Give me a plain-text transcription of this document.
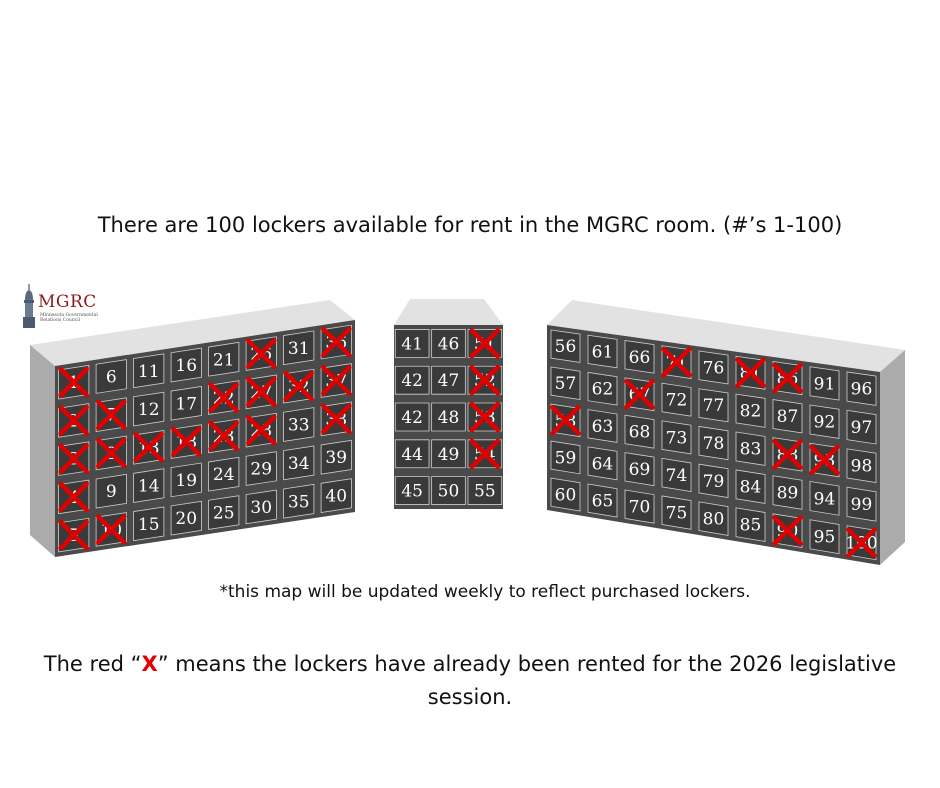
There are 100 lockers available for rent in the MGRC room. (#’s 1-100)
MGRC
Minnesota Governmental Relations Council
1
2
3
4
5
6
7
8
9
10
11
12
13
14
15
16
17
18
19
20
21
22
23
24
25
26
27
28
29
30
31
32
33
34
35
36
37
38
39
40
41
42
42
44
45
46
47
48
49
50
51
52
53
54
55
56
57
58
59
60
61
62
63
64
65
66
67
68
69
70
71
72
73
74
75
76
77
78
79
80
81
82
83
84
85
86
87
88
89
90
91
92
93
94
95
96
97
98
99
100
*this map will be updated weekly to reflect purchased lockers.
The red “X” means the lockers have already been rented for the 2026 legislative session.
